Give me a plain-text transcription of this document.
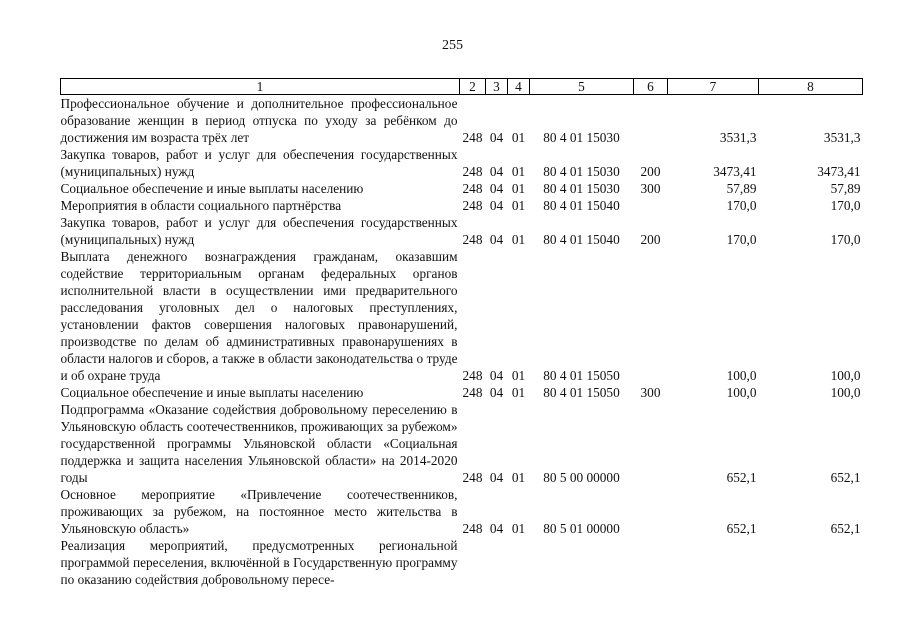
255
1	2	3	4	5	6	7	8
Профессиональное обучение и дополнительное профессиональное образование женщин в период отпуска по уходу за ребёнком до достижения им возраста трёх лет	248	04	01	80 4 01 15030		3531,3	3531,3
Закупка товаров, работ и услуг для обеспечения государственных (муниципальных) нужд	248	04	01	80 4 01 15030	200	3473,41	3473,41
Социальное обеспечение и иные выплаты населению	248	04	01	80 4 01 15030	300	57,89	57,89
Мероприятия в области социального партнёрства	248	04	01	80 4 01 15040		170,0	170,0
Закупка товаров, работ и услуг для обеспечения государственных (муниципальных) нужд	248	04	01	80 4 01 15040	200	170,0	170,0
Выплата денежного вознаграждения гражданам, оказавшим содействие территориальным органам федеральных органов исполнительной власти в осуществлении ими предварительного расследования уголовных дел о налоговых преступлениях, установлении фактов совершения налоговых правонарушений, производстве по делам об административных правонарушениях в области налогов и сборов, а также в области законодательства о труде и об охране труда	248	04	01	80 4 01 15050		100,0	100,0
Социальное обеспечение и иные выплаты населению	248	04	01	80 4 01 15050	300	100,0	100,0
Подпрограмма «Оказание содействия добровольному переселению в Ульяновскую область соотечественников, проживающих за рубежом» государственной программы Ульяновской области «Социальная поддержка и защита населения Ульяновской области» на 2014-2020 годы	248	04	01	80 5 00 00000		652,1	652,1
Основное мероприятие «Привлечение соотечественников, проживающих за рубежом, на постоянное место жительства в Ульяновскую область»	248	04	01	80 5 01 00000		652,1	652,1
Реализация мероприятий, предусмотренных региональной программой переселения, включённой в Государственную программу по оказанию содействия добровольному пересе-							
